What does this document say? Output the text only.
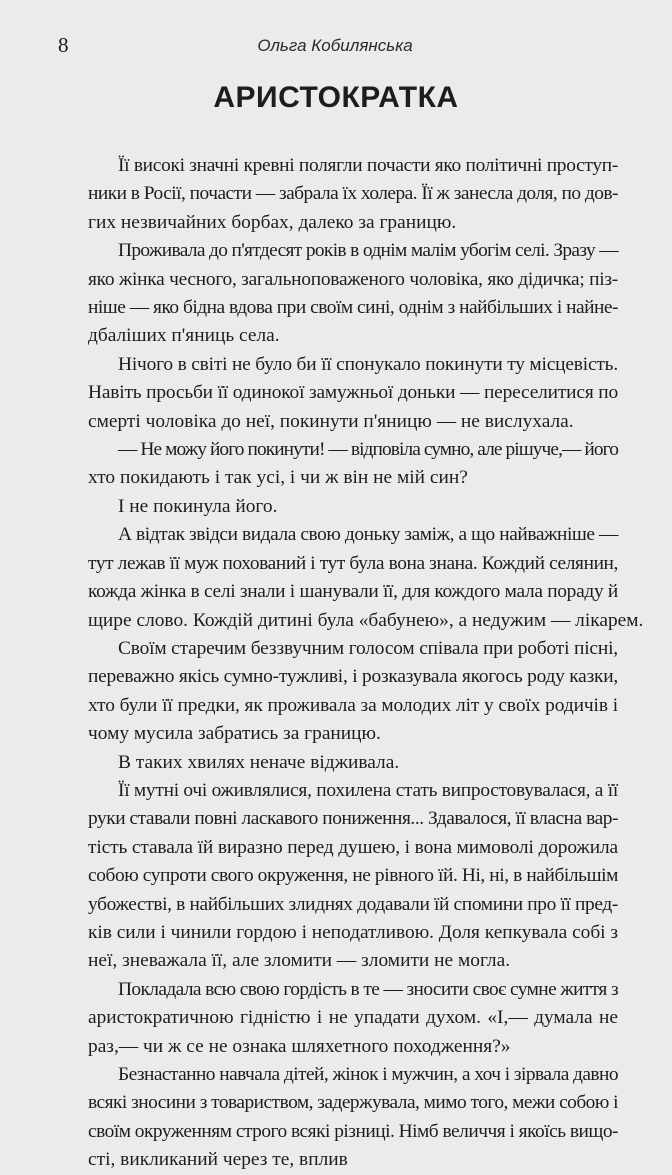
8	Ольга Кобилянська
АРИСТОКРАТКА

Її високі значні кревні полягли почасти яко політичні проступ-
ники в Росії, почасти — забрала їх холера. Її ж занесла доля, по дов-
гих незвичайних борбах, далеко за границю.

Проживала до п'ятдесят років в однім малім убогім селі. Зразу —
яко жінка чесного, загальноповаженого чоловіка, яко дідичка; пiз-
ніше — яко бідна вдова при своїм сині, однім з найбільших і найне-
дбаліших п'яниць села.

Нічого в світі не було би її спонукало покинути ту місцевість.
Навіть просьби її одинокої замужньої доньки — переселитися по
смерті чоловіка до неї, покинути п'яницю — не вислухала.

— Не можу його покинути! — відповіла сумно, але рішуче,— його
хто покидають і так усі, і чи ж він не мій син?

І не покинула його.

А відтак звідси видала свою доньку заміж, а що найважніше —
тут лежав її муж похований і тут була вона знана. Кождий селянин,
кожда жінка в селі знали і шанували її, для кождого мала пораду й
щире слово. Кождій дитині була «бабунею», а недужим — лікарем.

Своїм старечим беззвучним голосом співала при роботі пісні,
переважно якісь сумно-тужливі, і розказувала якогось роду казки,
хто були її предки, як проживала за молодих літ у своїх родичів і
чому мусила забратись за границю.

В таких хвилях неначе відживала.

Її мутні очі оживлялися, похилена стать випростовувалася, а її
руки ставали повні ласкавого пониження... Здавалося, її власна вар-
тість ставала їй виразно перед душею, і вона мимоволі дорожила
собою супроти свого окруження, не рівного їй. Ні, ні, в найбільшім
убожестві, в найбільших злиднях додавали їй спомини про її пред-
ків сили і чинили гордою і неподатливою. Доля кепкувала собі з
неї, зневажала її, але зломити — зломити не могла.

Покладала всю свою гордість в те — зносити своє сумне життя з
аристократичною гідністю і не упадати духом. «І,— думала не
раз,— чи ж се не ознака шляхетного походження?»

Безнастанно навчала дітей, жінок і мужчин, а хоч і зірвала давно
всякі зносини з товариством, задержувала, мимо того, межи собою і
своїм окруженням строго всякі різниці. Німб величчя і якоїсь вищо-
сті, викликаний через те, вплив
